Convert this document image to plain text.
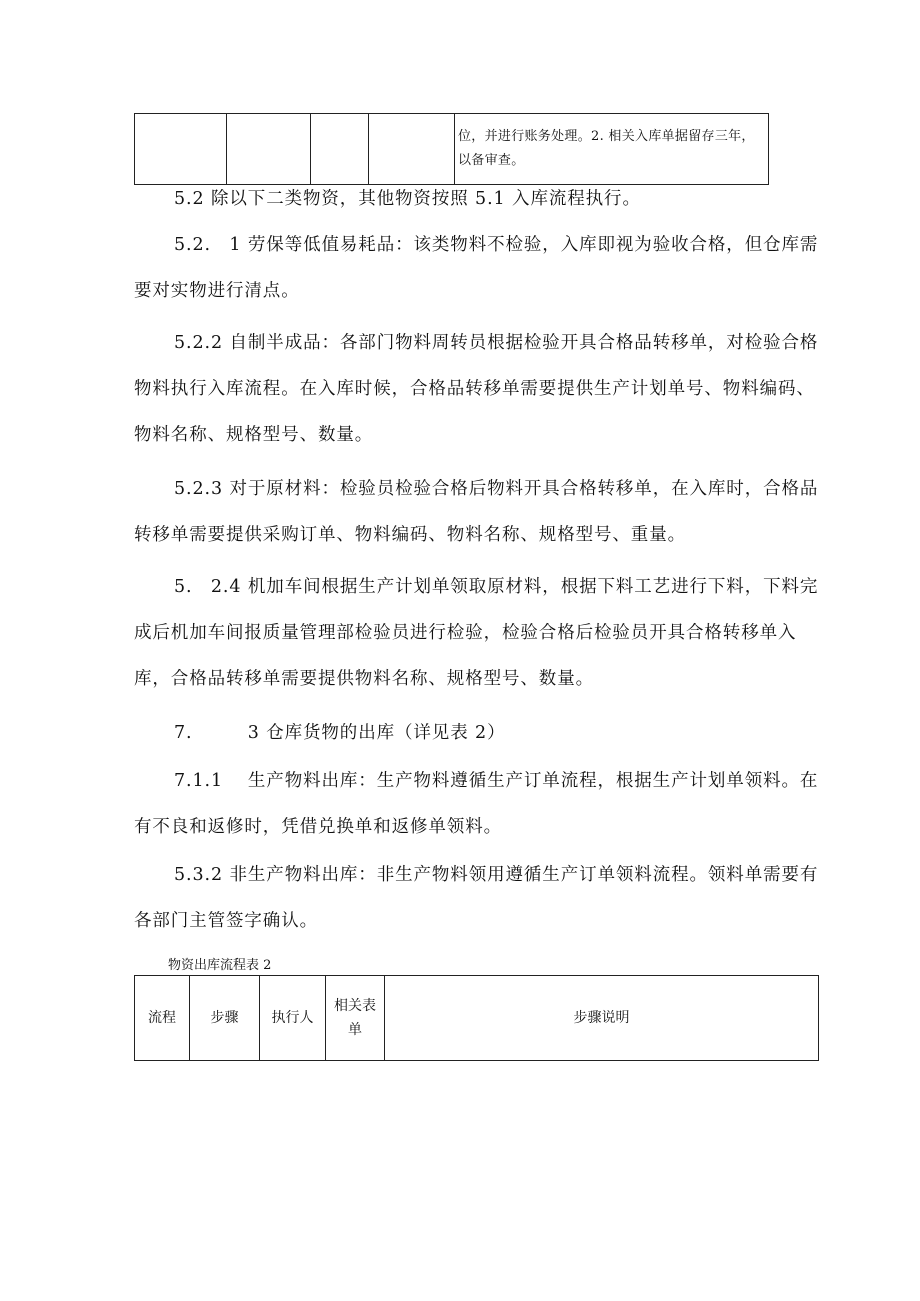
				位，并进行账务处理。2. 相关入库单据留存三年，以备审查。

5.2 除以下二类物资，其他物资按照 5.1 入库流程执行。

5.2.　1 劳保等低值易耗品：该类物料不检验，入库即视为验收合格，但仓库需要对实物进行清点。

5.2.2 自制半成品：各部门物料周转员根据检验开具合格品转移单，对检验合格物料执行入库流程。在入库时候，合格品转移单需要提供生产计划单号、物料编码、物料名称、规格型号、数量。

5.2.3 对于原材料：检验员检验合格后物料开具合格转移单，在入库时，合格品转移单需要提供采购订单、物料编码、物料名称、规格型号、重量。

5.　2.4 机加车间根据生产计划单领取原材料，根据下料工艺进行下料，下料完成后机加车间报质量管理部检验员进行检验，检验合格后检验员开具合格转移单入库，合格品转移单需要提供物料名称、规格型号、数量。

7.　　　3 仓库货物的出库（详见表 2）

7.1.1　 生产物料出库：生产物料遵循生产订单流程，根据生产计划单领料。在有不良和返修时，凭借兑换单和返修单领料。

5.3.2 非生产物料出库：非生产物料领用遵循生产订单领料流程。领料单需要有各部门主管签字确认。

物资出库流程表 2

流程	步骤	执行人	相关表单	步骤说明
